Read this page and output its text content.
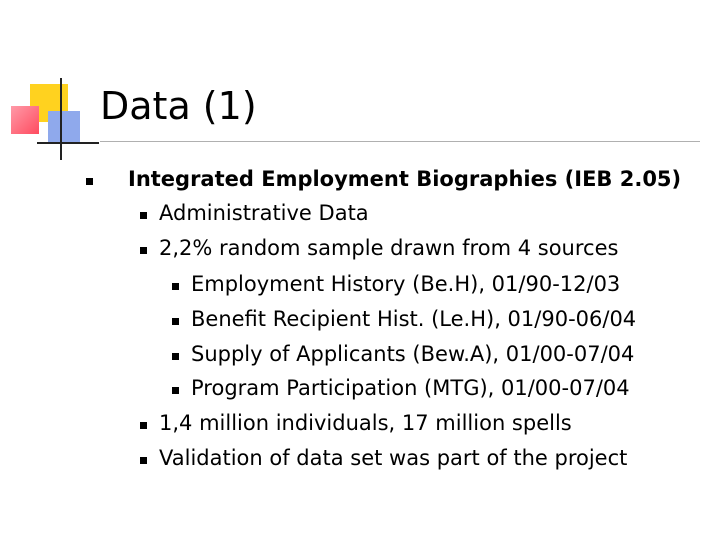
Data (1)
Integrated Employment Biographies (IEB 2.05)
Administrative Data
2,2% random sample drawn from 4 sources
Employment History (Be.H), 01/90-12/03
Benefit Recipient Hist. (Le.H), 01/90-06/04
Supply of Applicants (Bew.A), 01/00-07/04
Program Participation (MTG), 01/00-07/04
1,4 million individuals, 17 million spells
Validation of data set was part of the project
